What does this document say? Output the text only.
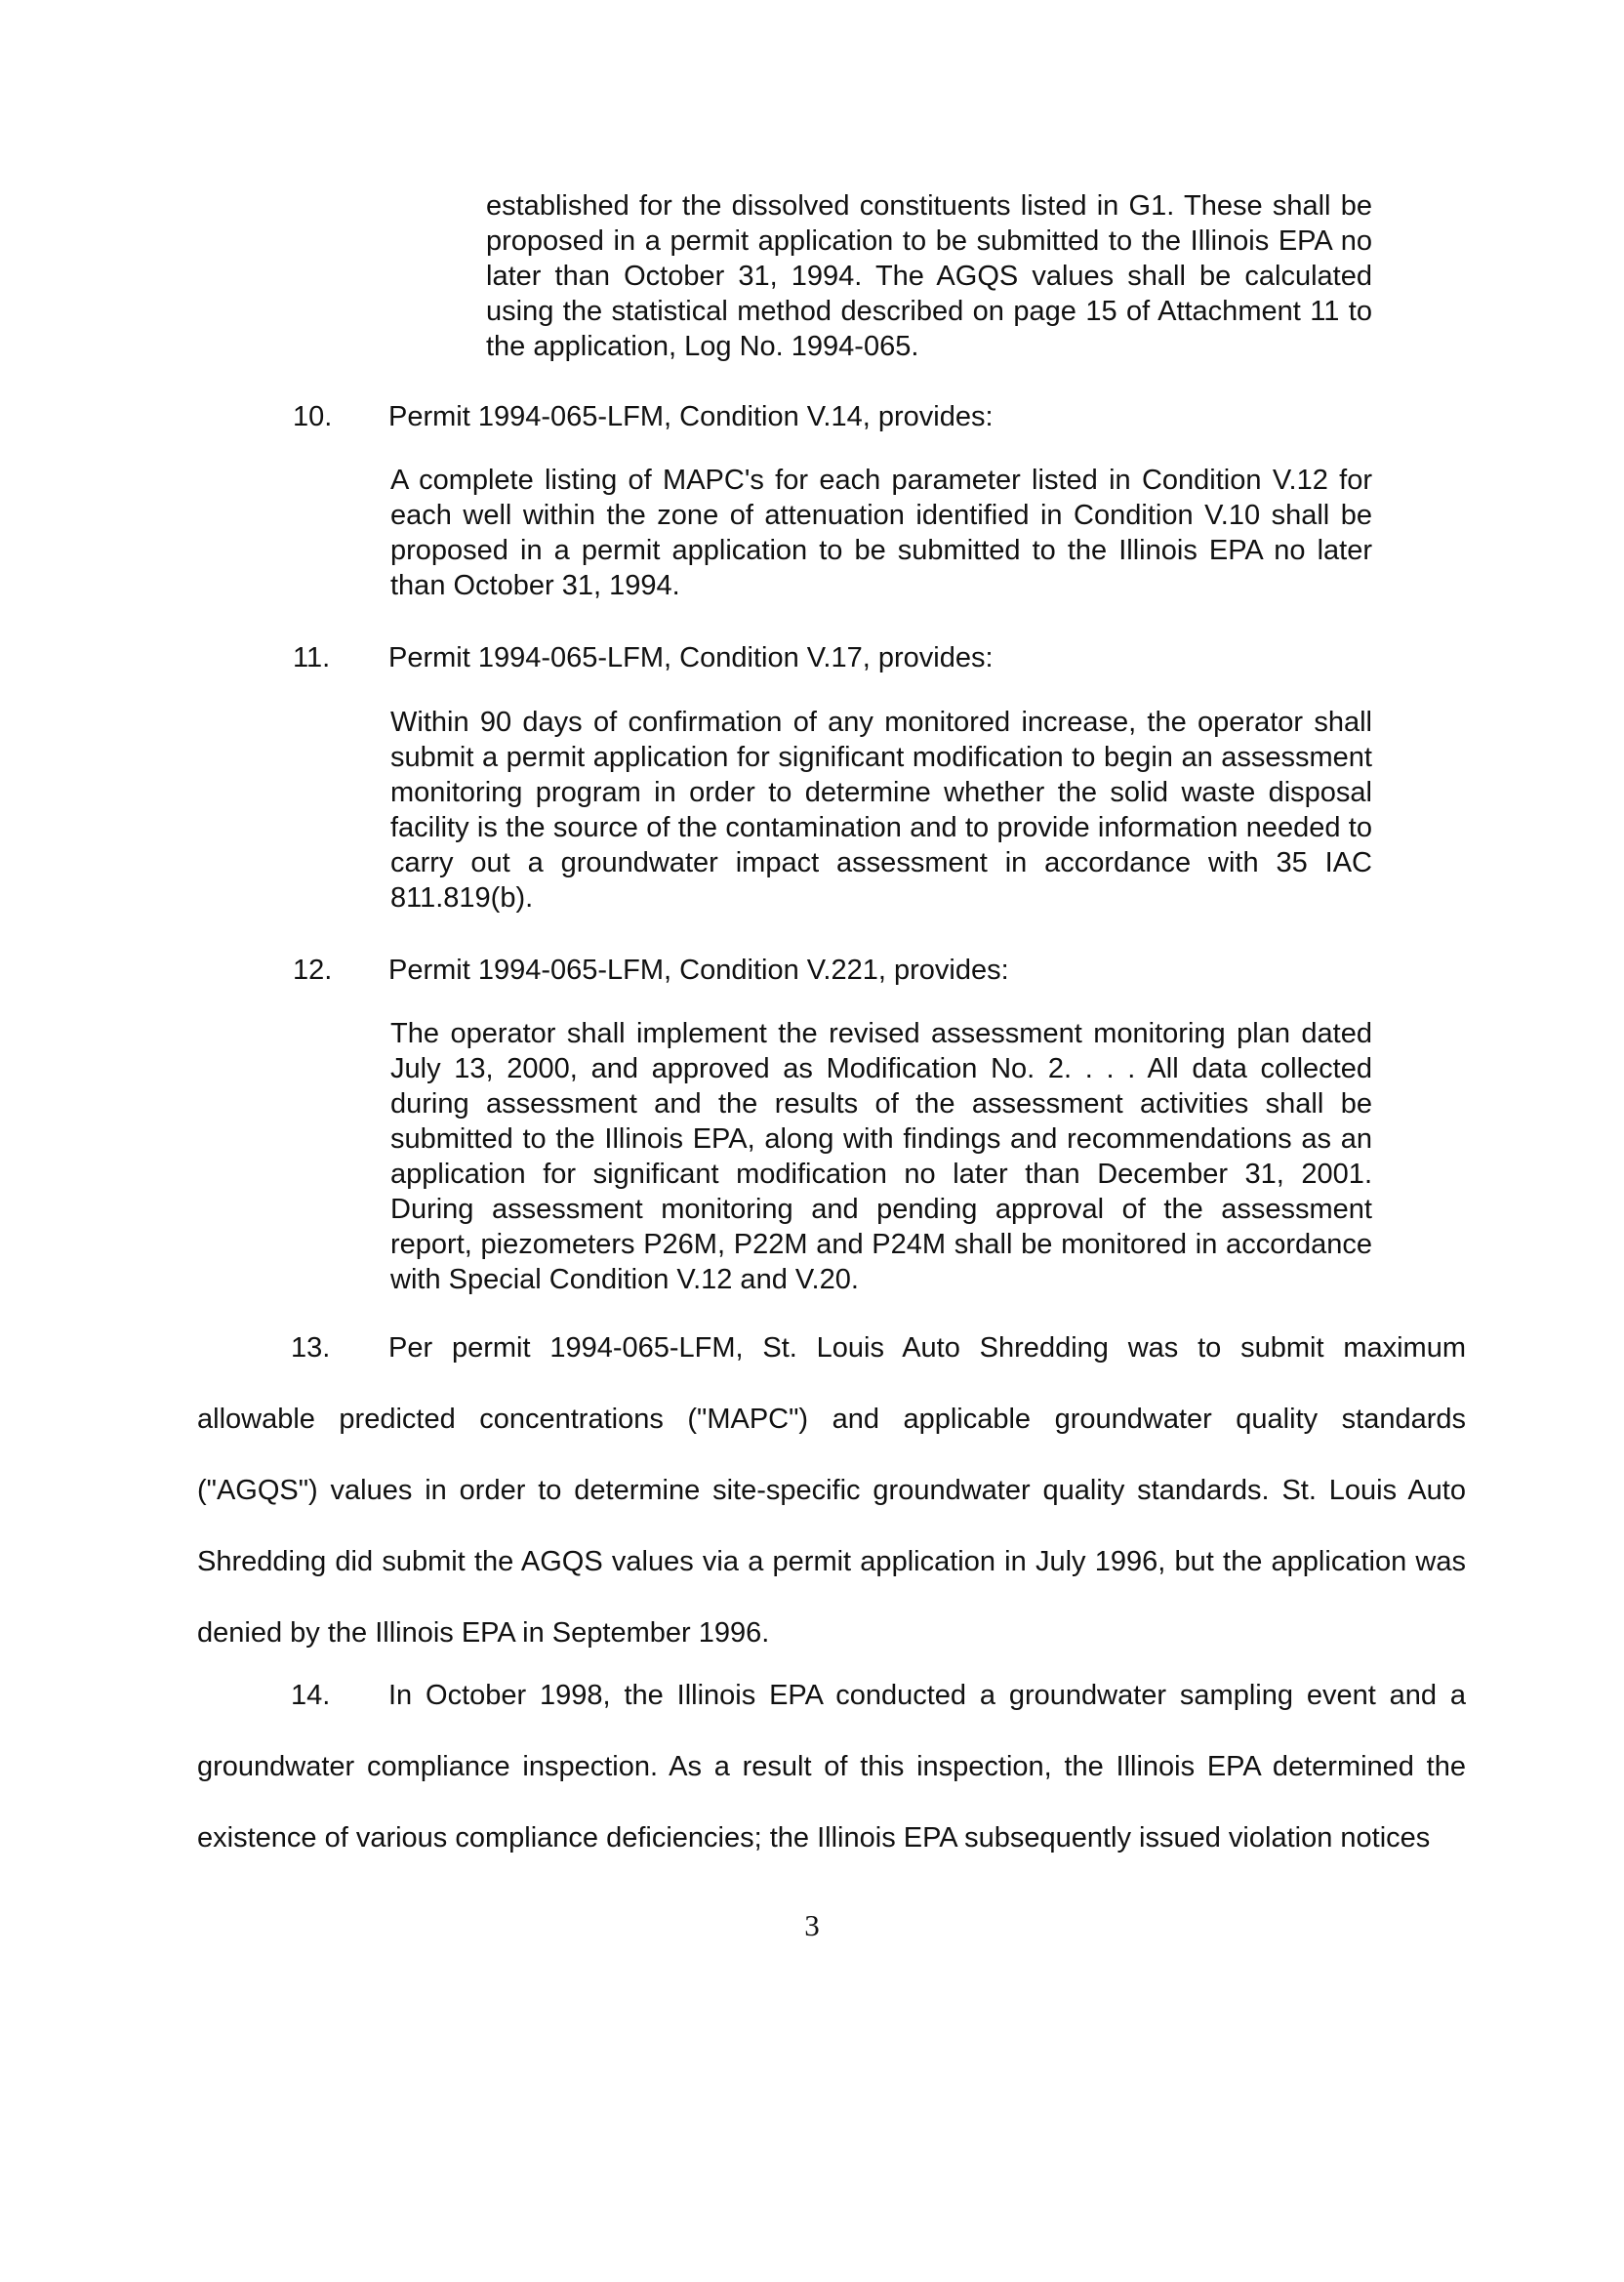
established for the dissolved constituents listed in G1. These shall be proposed in a permit application to be submitted to the Illinois EPA no later than October 31, 1994. The AGQS values shall be calculated using the statistical method described on page 15 of Attachment 11 to the application, Log No. 1994-065.

10. Permit 1994-065-LFM, Condition V.14, provides:

A complete listing of MAPC's for each parameter listed in Condition V.12 for each well within the zone of attenuation identified in Condition V.10 shall be proposed in a permit application to be submitted to the Illinois EPA no later than October 31, 1994.

11. Permit 1994-065-LFM, Condition V.17, provides:

Within 90 days of confirmation of any monitored increase, the operator shall submit a permit application for significant modification to begin an assessment monitoring program in order to determine whether the solid waste disposal facility is the source of the contamination and to provide information needed to carry out a groundwater impact assessment in accordance with 35 IAC 811.819(b).

12. Permit 1994-065-LFM, Condition V.221, provides:

The operator shall implement the revised assessment monitoring plan dated July 13, 2000, and approved as Modification No. 2. . . . All data collected during assessment and the results of the assessment activities shall be submitted to the Illinois EPA, along with findings and recommendations as an application for significant modification no later than December 31, 2001. During assessment monitoring and pending approval of the assessment report, piezometers P26M, P22M and P24M shall be monitored in accordance with Special Condition V.12 and V.20.

13. Per permit 1994-065-LFM, St. Louis Auto Shredding was to submit maximum allowable predicted concentrations ("MAPC") and applicable groundwater quality standards ("AGQS") values in order to determine site-specific groundwater quality standards. St. Louis Auto Shredding did submit the AGQS values via a permit application in July 1996, but the application was denied by the Illinois EPA in September 1996.

14. In October 1998, the Illinois EPA conducted a groundwater sampling event and a groundwater compliance inspection. As a result of this inspection, the Illinois EPA determined the existence of various compliance deficiencies; the Illinois EPA subsequently issued violation notices

3
